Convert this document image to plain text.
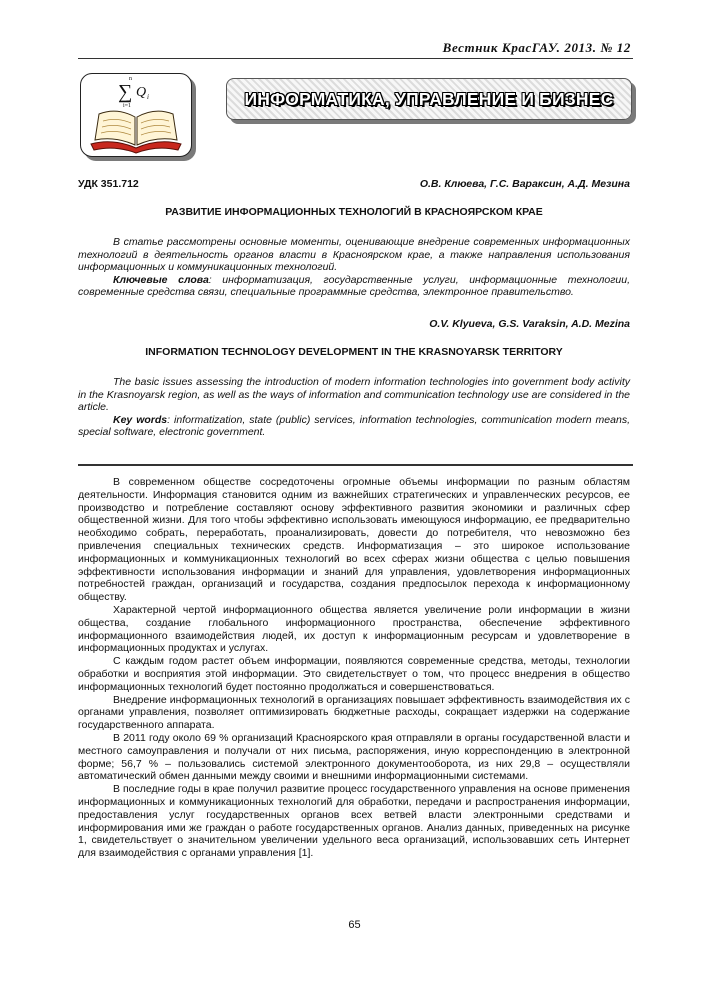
Вестник КрасГАУ. 2013. № 12
n
∑
i=1
Q i	ИНФОРМАТИКА, УПРАВЛЕНИЕ И БИЗНЕС
УДК 351.712	О.В. Клюева, Г.С. Вараксин, А.Д. Мезина
РАЗВИТИЕ ИНФОРМАЦИОННЫХ ТЕХНОЛОГИЙ В КРАСНОЯРСКОМ КРАЕ

В статье рассмотрены основные моменты, оценивающие внедрение современных информационных технологий в деятельность органов власти в Красноярском крае, а также направления использования информационных и коммуникационных технологий.

Ключевые слова: информатизация, государственные услуги, информационные технологии, современные средства связи, специальные программные средства, электронное правительство.

O.V. Klyueva, G.S. Varaksin, A.D. Mezina
INFORMATION TECHNOLOGY DEVELOPMENT IN THE KRASNOYARSK TERRITORY

The basic issues assessing the introduction of modern information technologies into government body activity in the Krasnoyarsk region, as well as the ways of information and communication technology use are considered in the article.

Key words: informatization, state (public) services, information technologies, communication modern means, special software, electronic government.

В современном обществе сосредоточены огромные объемы информации по разным областям деятельности. Информация становится одним из важнейших стратегических и управленческих ресурсов, ее производство и потребление составляют основу эффективного развития экономики и различных сфер общественной жизни. Для того чтобы эффективно использовать имеющуюся информацию, ее предварительно необходимо собрать, переработать, проанализировать, довести до потребителя, что невозможно без привлечения специальных технических средств. Информатизация – это широкое использование информационных и коммуникационных технологий во всех сферах жизни общества с целью повышения эффективности использования информации и знаний для управления, удовлетворения информационных потребностей граждан, организаций и государства, создания предпосылок перехода к информационному обществу.

Характерной чертой информационного общества является увеличение роли информации в жизни общества, создание глобального информационного пространства, обеспечение эффективного информационного взаимодействия людей, их доступ к информационным ресурсам и удовлетворение в информационных продуктах и услугах.

С каждым годом растет объем информации, появляются современные средства, методы, технологии обработки и восприятия этой информации. Это свидетельствует о том, что процесс внедрения в общество информационных технологий будет постоянно продолжаться и совершенствоваться.

Внедрение информационных технологий в организациях повышает эффективность взаимодействия их с органами управления, позволяет оптимизировать бюджетные расходы, сокращает издержки на содержание государственного аппарата.

В 2011 году около 69 % организаций Красноярского края отправляли в органы государственной власти и местного самоуправления и получали от них письма, распоряжения, иную корреспонденцию в электронной форме; 56,7 % – пользовались системой электронного документооборота, из них 29,8 – осуществляли автоматический обмен данными между своими и внешними информационными системами.

В последние годы в крае получил развитие процесс государственного управления на основе применения информационных и коммуникационных технологий для обработки, передачи и распространения информации, предоставления услуг государственных органов всех ветвей власти электронными средствами и информирования ими же граждан о работе государственных органов. Анализ данных, приведенных на рисунке 1, свидетельствует о значительном увеличении удельного веса организаций, использовавших сеть Интернет для взаимодействия с органами управления [1].

65
